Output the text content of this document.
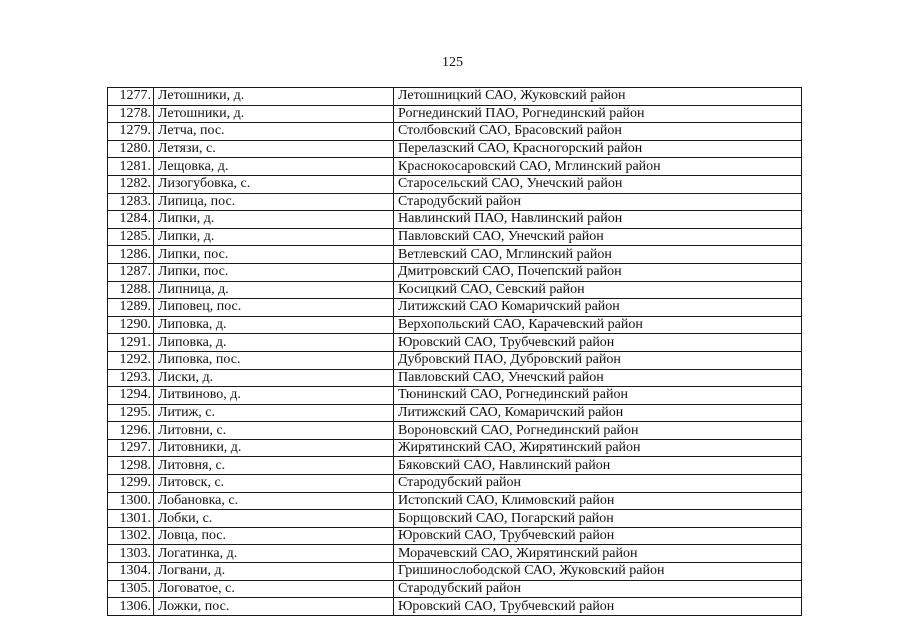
125
1277.	Летошники, д.	Летошницкий САО, Жуковский район
1278.	Летошники, д.	Рогнединский ПАО, Рогнединский район
1279.	Летча, пос.	Столбовский САО, Брасовский район
1280.	Летязи, с.	Перелазский САО, Красногорский район
1281.	Лещовка, д.	Краснокосаровский САО, Мглинский район
1282.	Лизогубовка, с.	Старосельский САО, Унечский район
1283.	Липица, пос.	Стародубский район
1284.	Липки, д.	Навлинский ПАО, Навлинский район
1285.	Липки, д.	Павловский САО, Унечский район
1286.	Липки, пос.	Ветлевский САО, Мглинский район
1287.	Липки, пос.	Дмитровский САО, Почепский район
1288.	Липница, д.	Косицкий САО, Севский район
1289.	Липовец, пос.	Литижский САО Комаричский район
1290.	Липовка, д.	Верхопольский САО, Карачевский район
1291.	Липовка, д.	Юровский САО, Трубчевский район
1292.	Липовка, пос.	Дубровский ПАО, Дубровский район
1293.	Лиски, д.	Павловский САО, Унечский район
1294.	Литвиново, д.	Тюнинский САО, Рогнединский район
1295.	Литиж, с.	Литижский САО, Комаричский район
1296.	Литовни, с.	Вороновский САО, Рогнединский район
1297.	Литовники, д.	Жирятинский САО, Жирятинский район
1298.	Литовня, с.	Бяковский САО, Навлинский район
1299.	Литовск, с.	Стародубский район
1300.	Лобановка, с.	Истопский САО, Климовский район
1301.	Лобки, с.	Борщовский САО, Погарский район
1302.	Ловца, пос.	Юровский САО, Трубчевский район
1303.	Логатинка, д.	Морачевский САО, Жирятинский район
1304.	Логвани, д.	Гришинослободской САО, Жуковский район
1305.	Логоватое, с.	Стародубский район
1306.	Ложки, пос.	Юровский САО, Трубчевский район
